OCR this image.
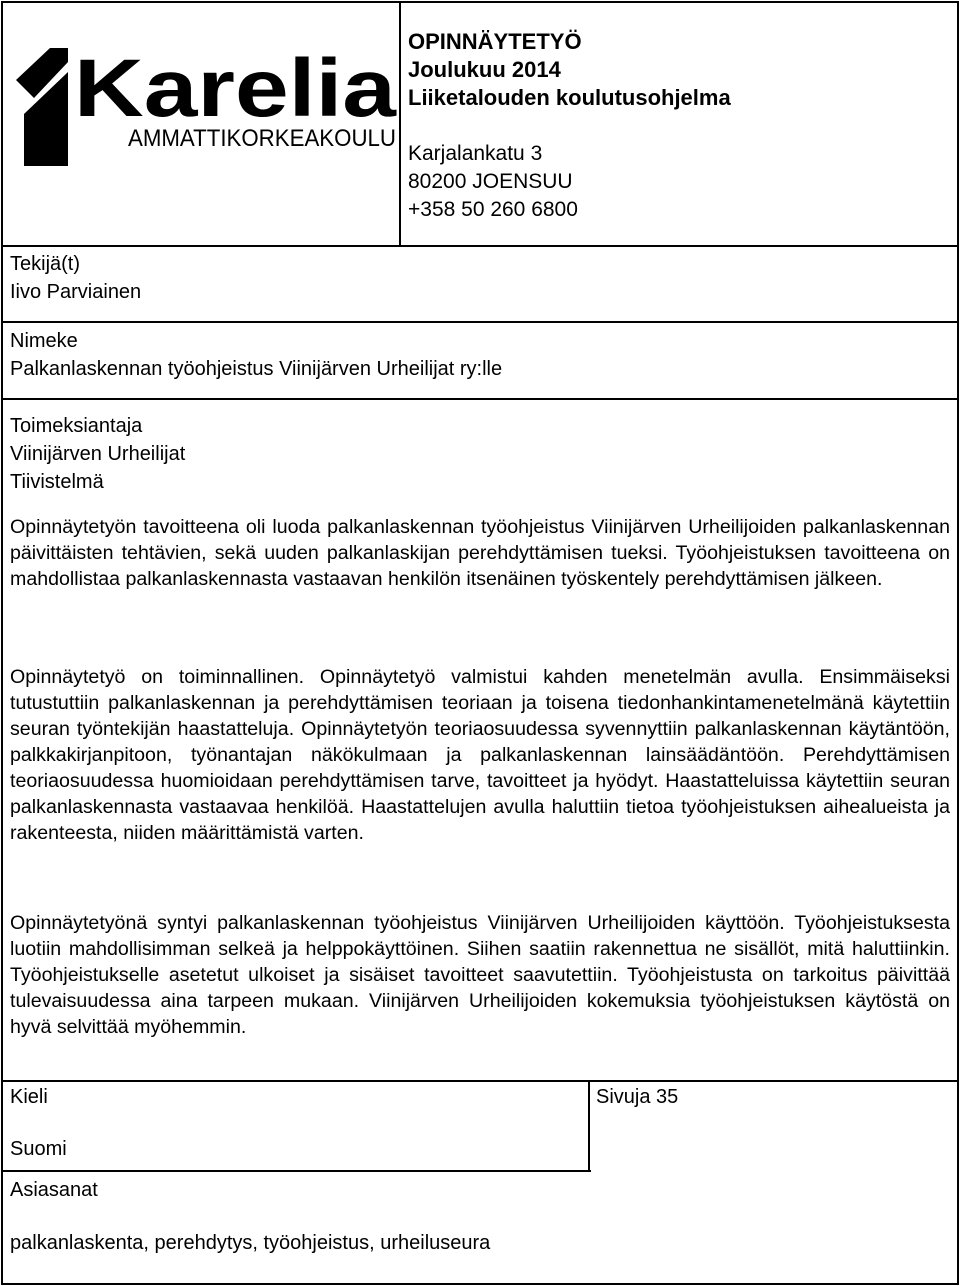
Karelia
AMMATTIKORKEAKOULU
OPINNÄYTETYÖ
Joulukuu 2014
Liiketalouden koulutusohjelma
Karjalankatu 3
80200 JOENSUU
+358 50 260 6800
Tekijä(t)
Iivo Parviainen
Nimeke
Palkanlaskennan työohjeistus Viinijärven Urheilijat ry:lle
Toimeksiantaja
Viinijärven Urheilijat
Tiivistelmä

Opinnäytetyön tavoitteena oli luoda palkanlaskennan työohjeistus Viinijärven Urheilijoiden palkanlaskennan päivittäisten tehtävien, sekä uuden palkanlaskijan perehdyttämisen tueksi. Työohjeistuksen tavoitteena on mahdollistaa palkanlaskennasta vastaavan henkilön itsenäinen työskentely perehdyttämisen jälkeen.

Opinnäytetyö on toiminnallinen. Opinnäytetyö valmistui kahden menetelmän avulla. Ensimmäiseksi tutustuttiin palkanlaskennan ja perehdyttämisen teoriaan ja toisena tiedonhankintamenetelmänä käytettiin seuran työntekijän haastatteluja. Opinnäytetyön teoriaosuudessa syvennyttiin palkanlaskennan käytäntöön, palkkakirjanpitoon, työnantajan näkökulmaan ja palkanlaskennan lainsäädäntöön. Perehdyttämisen teoriaosuudessa huomioidaan perehdyttämisen tarve, tavoitteet ja hyödyt. Haastatteluissa käytettiin seuran palkanlaskennasta vastaavaa henkilöä. Haastattelujen avulla haluttiin tietoa työohjeistuksen aihealueista ja rakenteesta, niiden määrittämistä varten.

Opinnäytetyönä syntyi palkanlaskennan työohjeistus Viinijärven Urheilijoiden käyttöön. Työohjeistuksesta luotiin mahdollisimman selkeä ja helppokäyttöinen. Siihen saatiin rakennettua ne sisällöt, mitä haluttiinkin. Työohjeistukselle asetetut ulkoiset ja sisäiset tavoitteet saavutettiin. Työohjeistusta on tarkoitus päivittää tulevaisuudessa aina tarpeen mukaan. Viinijärven Urheilijoiden kokemuksia työohjeistuksen käytöstä on hyvä selvittää myöhemmin.

Kieli
Suomi
Sivuja 35
Asiasanat
palkanlaskenta, perehdytys, työohjeistus, urheiluseura
